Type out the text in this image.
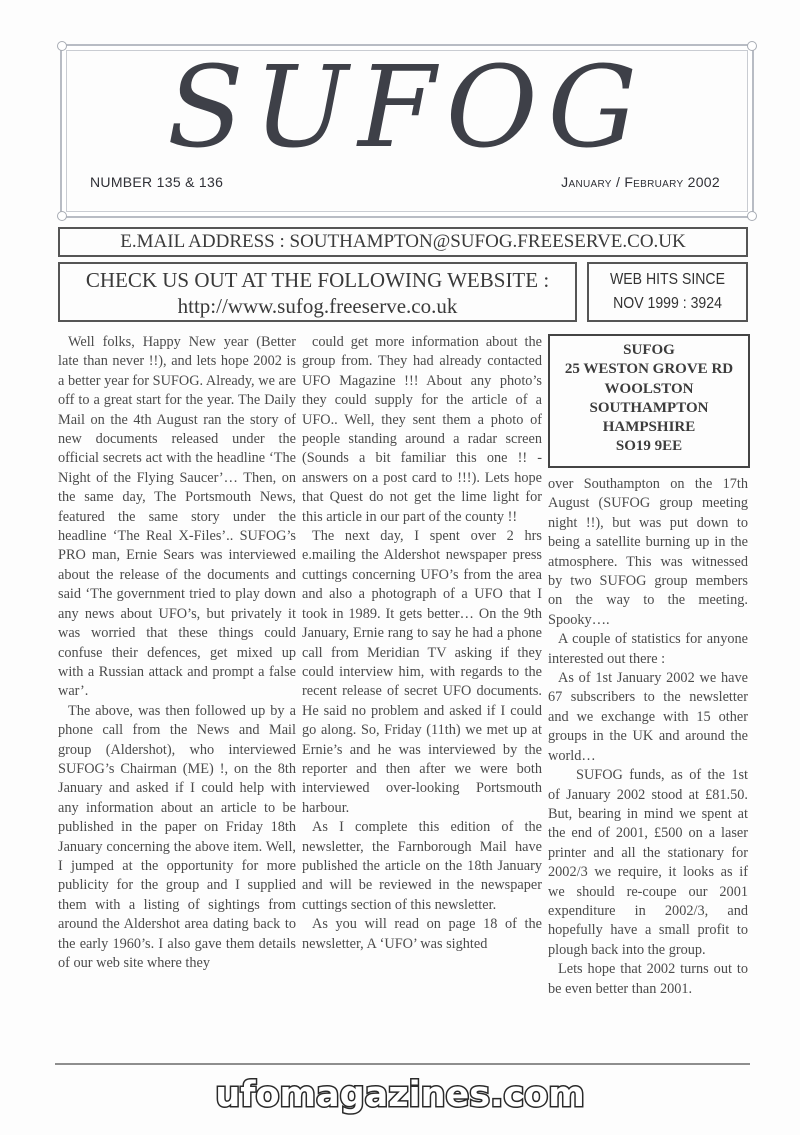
SUFOG
NUMBER 135 & 136	January / February 2002
E.MAIL ADDRESS : SOUTHAMPTON@SUFOG.FREESERVE.CO.UK
CHECK US OUT AT THE FOLLOWING WEBSITE :
http://www.sufog.freeserve.co.uk
WEB HITS SINCE
NOV 1999 : 3924

Well folks, Happy New year (Better late than never !!), and lets hope 2002 is a better year for SUFOG. Already, we are off to a great start for the year. The Daily Mail on the 4th August ran the story of new documents released under the official secrets act with the headline ‘The Night of the Flying Saucer’… Then, on the same day, The Portsmouth News, featured the same story under the headline ‘The Real X-Files’.. SUFOG’s PRO man, Ernie Sears was interviewed about the release of the documents and said ‘The government tried to play down any news about UFO’s, but privately it was worried that these things could confuse their defences, get mixed up with a Russian attack and prompt a false war’.

The above, was then followed up by a phone call from the News and Mail group (Aldershot), who interviewed SUFOG’s Chairman (ME) !, on the 8th January and asked if I could help with any information about an article to be published in the paper on Friday 18th January concerning the above item. Well, I jumped at the opportunity for more publicity for the group and I supplied them with a listing of sightings from around the Aldershot area dating back to the early 1960’s. I also gave them details of our web site where they

could get more information about the group from. They had already contacted UFO Magazine !!! About any photo’s they could supply for the article of a UFO.. Well, they sent them a photo of people standing around a radar screen (Sounds a bit familiar this one !! - answers on a post card to !!!). Lets hope that Quest do not get the lime light for this article in our part of the county !!

The next day, I spent over 2 hrs e.mailing the Aldershot newspaper press cuttings concerning UFO’s from the area and also a photograph of a UFO that I took in 1989. It gets better… On the 9th January, Ernie rang to say he had a phone call from Meridian TV asking if they could interview him, with regards to the recent release of secret UFO documents. He said no problem and asked if I could go along. So, Friday (11th) we met up at Ernie’s and he was interviewed by the reporter and then after we were both interviewed over-looking Portsmouth harbour.

As I complete this edition of the newsletter, the Farnborough Mail have published the article on the 18th January and will be reviewed in the newspaper cuttings section of this newsletter.

As you will read on page 18 of the newsletter, A ‘UFO’ was sighted

SUFOG
25 WESTON GROVE RD
WOOLSTON
SOUTHAMPTON
HAMPSHIRE
SO19 9EE

over Southampton on the 17th August (SUFOG group meeting night !!), but was put down to being a satellite burning up in the atmosphere. This was witnessed by two SUFOG group members on the way to the meeting. Spooky….

A couple of statistics for anyone interested out there :

As of 1st January 2002 we have 67 subscribers to the newsletter and we exchange with 15 other groups in the UK and around the world…

SUFOG funds, as of the 1st of January 2002 stood at £81.50. But, bearing in mind we spent at the end of 2001, £500 on a laser printer and all the stationary for 2002/3 we require, it looks as if we should re-coupe our 2001 expenditure in 2002/3, and hopefully have a small profit to plough back into the group.

Lets hope that 2002 turns out to be even better than 2001.

ufomagazines.com
